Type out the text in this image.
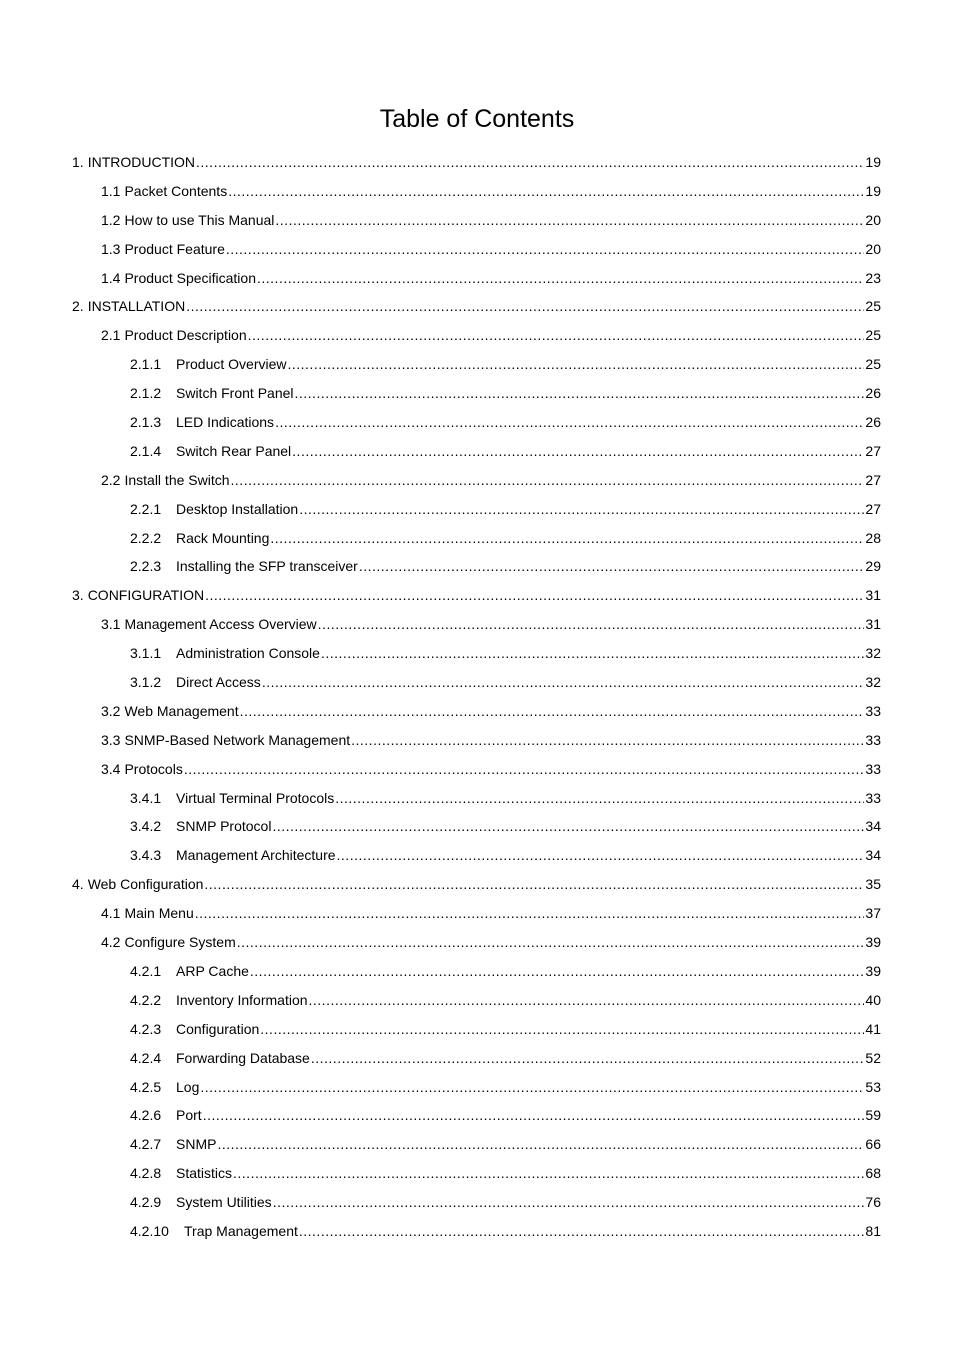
Table of Contents
1. INTRODUCTION .....	19
1.1 Packet Contents .....	19
1.2 How to use This Manual .....	20
1.3 Product Feature .....	20
1.4 Product Specification .....	23
2. INSTALLATION .....	25
2.1 Product Description .....	25
2.1.1	Product Overview .....	25
2.1.2	Switch Front Panel .....	26
2.1.3	LED Indications .....	26
2.1.4	Switch Rear Panel .....	27
2.2 Install the Switch .....	27
2.2.1	Desktop Installation .....	27
2.2.2	Rack Mounting .....	28
2.2.3	Installing the SFP transceiver .....	29
3. CONFIGURATION .....	31
3.1 Management Access Overview .....	31
3.1.1	Administration Console .....	32
3.1.2	Direct Access .....	32
3.2 Web Management .....	33
3.3 SNMP-Based Network Management .....	33
3.4 Protocols .....	33
3.4.1	Virtual Terminal Protocols .....	33
3.4.2	SNMP Protocol .....	34
3.4.3	Management Architecture .....	34
4. Web Configuration .....	35
4.1 Main Menu .....	37
4.2 Configure System .....	39
4.2.1	ARP Cache .....	39
4.2.2	Inventory Information .....	40
4.2.3	Configuration .....	41
4.2.4	Forwarding Database .....	52
4.2.5	Log .....	53
4.2.6	Port .....	59
4.2.7	SNMP .....	66
4.2.8	Statistics .....	68
4.2.9	System Utilities .....	76
4.2.10	Trap Management .....	81
